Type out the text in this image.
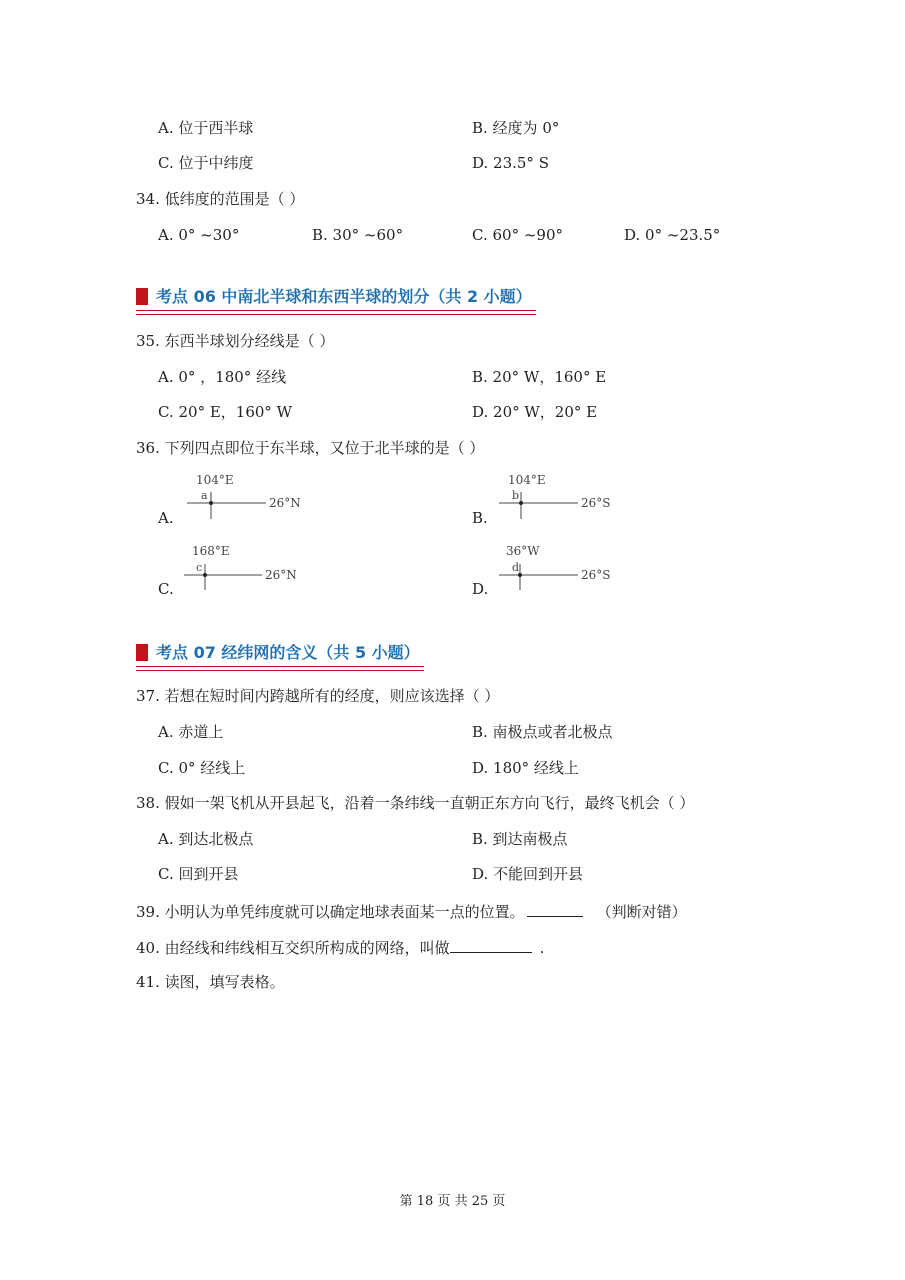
A. 位于西半球	B. 经度为 0°
C. 位于中纬度	D. 23.5° S
34. 低纬度的范围是（ ）
A. 0° ~30°	B. 30° ~60°	C. 60° ~90°	D. 0° ~23.5°
考点 06 中南北半球和东西半球的划分（共 2 小题）
35. 东西半球划分经线是（ ）
A. 0° ，180° 经线	B. 20° W，160° E
C. 20° E，160° W	D. 20° W，20° E
36. 下列四点即位于东半球，又位于北半球的是（ ）
A.
104°E
a
26°N
B.
104°E
b
26°S
C.
168°E
c
26°N
D.
36°W
d
26°S
考点 07 经纬网的含义（共 5 小题）
37. 若想在短时间内跨越所有的经度，则应该选择（ ）
A. 赤道上	B. 南极点或者北极点
C. 0° 经线上	D. 180° 经线上
38. 假如一架飞机从开县起飞，沿着一条纬线一直朝正东方向飞行，最终飞机会（ ）
A. 到达北极点	B. 到达南极点
C. 回到开县	D. 不能回到开县
39. 小明认为单凭纬度就可以确定地球表面某一点的位置。	（判断对错）
40. 由经线和纬线相互交织所构成的网络，叫做	.
41. 读图，填写表格。
第 18 页 共 25 页
